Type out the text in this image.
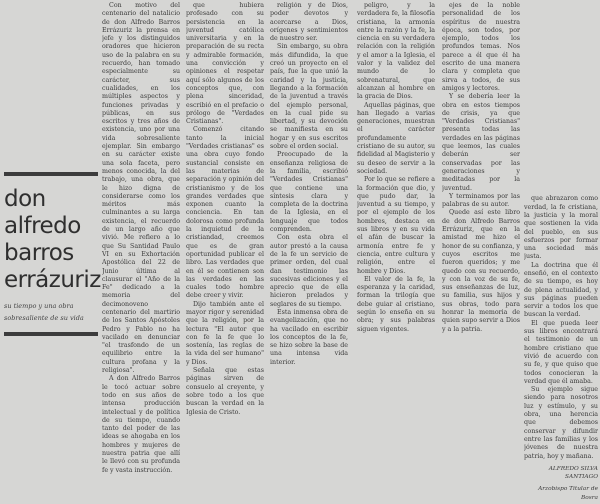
don
alfredo
barros
errázuriz
su tiempo y una obra
sobresaliente de su vida

Con motivo del centenario del natalicio de don Alfredo Barros Errázuriz la prensa en jefe y los distinguidos oradores que hicieron uso de la palabra en su recuerdo, han tomado especialmente su carácter, sus cualidades, en los múltiples aspectos y funciones privadas y públicas, en sus escritos y tres años de existencia, uno por una vida sobresaliente ejemplar. Sin embargo en su carácter existe una sola faceta, pero menos conocida, la del trabajo, una obra, que le hizo digna de considerarse como los méritos más culminantes a su larga existencia, el recuerdo de un largo año que vivió. Me refiero a lo que Su Santidad Paulo VI en su Exhortación Apostólica del 22 de Junio última al clausurar el "Año de la Fe" dedicado a la memoria del decimonoveno centenario del martirio de los Santos Apóstoles Pedro y Pablo no ha vacilado en denunciar "el trasfondo de un equilibrio entre la cultura profana y la religiosa".

A don Alfredo Barros le tocó actuar sobre todo en sus años de intensa producción intelectual y de política de su tiempo, cuando tanto del poder de las ideas se ahogaba en los hombres y mujeres de nuestra patria que allí le llevó con su profunda fe y vasta instrucción.

que hubiera profesado con su persistencia en la juventud católica universitaria y en la preparación de su recta y admirable formación, una convicción y opiniones el respetar aquí sólo algunos de los conceptos que, con plena sinceridad, escribió en el prefacio o prólogo de "Verdades Cristianas".

Comenzó citando tanto la inicial "Verdades cristianas" es una obra cuyo fondo sustancial consiste en las materias de separación y opinión del cristianismo y de los grandes verdades que exponen cuanto la conciencia. En tan dolorosa como profunda la inquietud de la cristiandad, creemos que es de gran oportunidad publicar el libro. Las verdades que en él se contienen son las verdades en las cuales todo hombre debe creer y vivir.

Dijo también ante el mayor rigor y serenidad que la religión, por la lectura "El autor que con fe la fe que lo sostenía, las reglas de la vida del ser humano" y Dios.

Señala que estas páginas sirven de consuelo al creyente, y sobre todo a los que buscan la verdad en la Iglesia de Cristo.

religión y de Dios, poder devotos y acercarse a Dios, orígenes y sentimientos de nuestro ser.

Sin embargo, su obra más difundida, la que creó un proyecto en el país, fue la que unió la caridad y la justicia, llegando a la formación de la juventud a través del ejemplo personal, en la cual pide su libertad, y su devoción se manifiesta en su hogar y en sus escritos sobre el orden social.

Preocupado de la enseñanza religiosa de la familia, escribió "Verdades Cristianas" que contiene una síntesis clara y completa de la doctrina de la Iglesia, en el lenguaje que todos comprenden.

Con esta obra el autor prestó a la causa de la fe un servicio de primer orden, del cual dan testimonio las sucesivas ediciones y el aprecio que de ella hicieron prelados y seglares de su tiempo.

Esta inmensa obra de evangelización, que no ha vacilado en escribir los conceptos de la fe, se hizo sobre la base de una intensa vida interior.

peligro, y la verdadera fe, la filosofía cristiana, la armonía entre la razón y la fe, la ciencia en su verdadera relación con la religión y el amor a la Iglesia, el valor y la validez del mundo de lo sobrenatural, que alcanzan al hombre en la gracia de Dios.

Aquellas páginas, que han llegado a varias generaciones, muestran el carácter profundamente cristiano de su autor, su fidelidad al Magisterio y su deseo de servir a la sociedad.

Por lo que se refiere a la formación que dio, y que pudo dar, la juventud a su tiempo, y por el ejemplo de los hombres, destaca en sus libros y en su vida el afán de buscar la armonía entre fe y ciencia, entre cultura y religión, entre el hombre y Dios.

El valor de la fe, la esperanza y la caridad, forman la trilogía que debe guiar al cristiano, según lo enseña en su obra; y sus palabras siguen vigentes.

ejes de la noble personalidad de los espíritus de nuestra época, son todos, por ejemplo, todos los profundos temas. Nos parece a él que él ha escrito de una manera clara y completa que sirva a todos, de sus amigos y lectores.

Y se debería leer la obra en estos tiempos de crisis, ya que "Verdades Cristianas" presenta todas las verdades en las páginas que leemos, las cuales deberán ser conservadas por las generaciones y meditadas por la juventud.

Y terminamos por las palabras de su autor.

Quede así este libro de don Alfredo Barros Errázuriz, que en la amistad me hizo el honor de su confianza, y cuyos escritos me fueron queridos; y me quedo con su recuerdo, y con la voz de su fe, sus enseñanzas de luz, su familia, sus hijos y sus obras, todo para honrar la memoria de quien supo servir a Dios y a la patria.

que abrazaron como verdad, la fe cristiana, la justicia y la moral que sostienen la vida del pueblo, en sus esfuerzos por formar una sociedad más justa.

La doctrina que él enseñó, en el contexto de su tiempo, es hoy de plena actualidad, y sus páginas pueden servir a todos los que buscan la verdad.

El que pueda leer sus libros encontrará el testimonio de un hombre cristiano que vivió de acuerdo con su fe, y que quiso que todos conocieran la verdad que él amaba.

Su ejemplo sigue siendo para nosotros luz y estímulo, y su obra, una herencia que debemos conservar y difundir entre las familias y los jóvenes de nuestra patria, hoy y mañana.

ALFREDO SILVA SANTIAGO
Arzobispo Titular de Bosra
